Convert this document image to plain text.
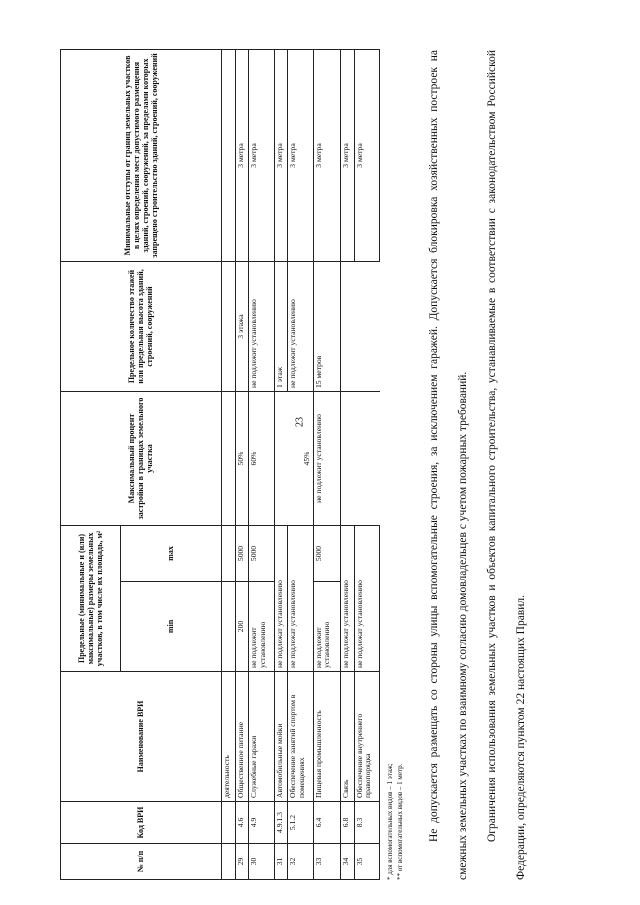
23
№ п/п	Код ВРИ	Наименование ВРИ	Предельные (минимальные и (или) максимальные) размеры земельных участков, в том числе их площадь, м²		Максимальный процент застройки в границах земельного участка	Предельное количество этажей или предельная высота зданий, строений, сооружений	Минимальные отступы от границ земельных участков в целях определения мест допустимого размещения зданий, строений, сооружений, за пределами которых запрещено строительство зданий, строений, сооружений
			min	max			
		деятельность					
29	4.6	Общественное питание	200	5000	50%	3 этажа	3 метра
30	4.9	Служебные гаражи	не подлежит установлению	5000	60%	не подлежит установлению	3 метра
31	4.9.1.3	Автомобильные мойки	не подлежат установлению		45%	1 этаж	3 метра
32	5.1.2	Обеспечение занятий спортом в помещениях	не подлежат установлению			не подлежит установлению	3 метра
33	6.4	Пищевая промышленность	не подлежит установлению	5000	не подлежит установлению	15 метров	3 метра
34	6.8	Связь	не подлежат установлению				3 метра
35	8.3	Обеспечение внутреннего правопорядка	не подлежат установлению				3 метра
* для вспомогательных видов – 1 этаж; ** от вспомогательных видов – 1 метр.	Не допускается размещать со стороны улицы вспомогательные строения, за исключением гаражей. Допускается блокировка хозяйственных построек на смежных земельных участках по взаимному согласию домовладельцев с учетом пожарных требований.	Ограничения использования земельных участков и объектов капитального строительства, устанавливаемые в соответствии с законодательством Российской Федерации, определяются пунктом 22 настоящих Правил.
